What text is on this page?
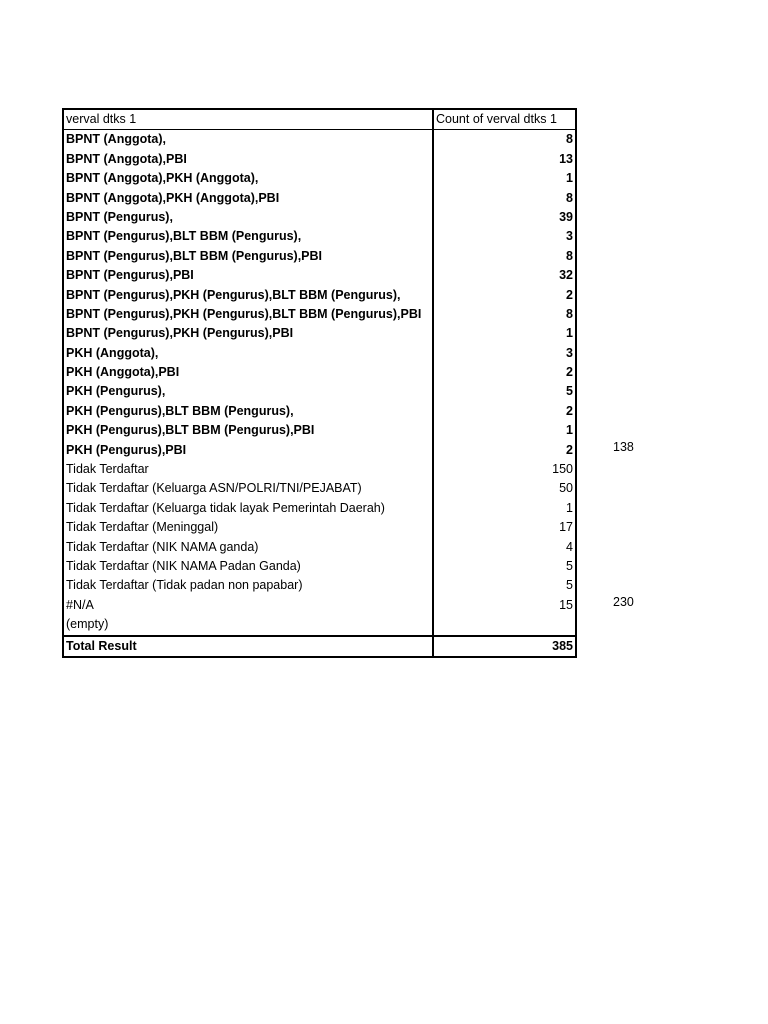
verval dtks 1	Count of verval dtks 1
BPNT (Anggota),	8
BPNT (Anggota),PBI	13
BPNT (Anggota),PKH (Anggota),	1
BPNT (Anggota),PKH (Anggota),PBI	8
BPNT (Pengurus),	39
BPNT (Pengurus),BLT BBM (Pengurus),	3
BPNT (Pengurus),BLT BBM (Pengurus),PBI	8
BPNT (Pengurus),PBI	32
BPNT (Pengurus),PKH (Pengurus),BLT BBM (Pengurus),	2
BPNT (Pengurus),PKH (Pengurus),BLT BBM (Pengurus),PBI	8
BPNT (Pengurus),PKH (Pengurus),PBI	1
PKH (Anggota),	3
PKH (Anggota),PBI	2
PKH (Pengurus),	5
PKH (Pengurus),BLT BBM (Pengurus),	2
PKH (Pengurus),BLT BBM (Pengurus),PBI	1
PKH (Pengurus),PBI	2
Tidak Terdaftar	150
Tidak Terdaftar (Keluarga ASN/POLRI/TNI/PEJABAT)	50
Tidak Terdaftar (Keluarga tidak layak Pemerintah Daerah)	1
Tidak Terdaftar (Meninggal)	17
Tidak Terdaftar (NIK NAMA ganda)	4
Tidak Terdaftar (NIK NAMA Padan Ganda)	5
Tidak Terdaftar (Tidak padan non papabar)	5
#N/A	15
(empty)
Total Result	385
138
230
